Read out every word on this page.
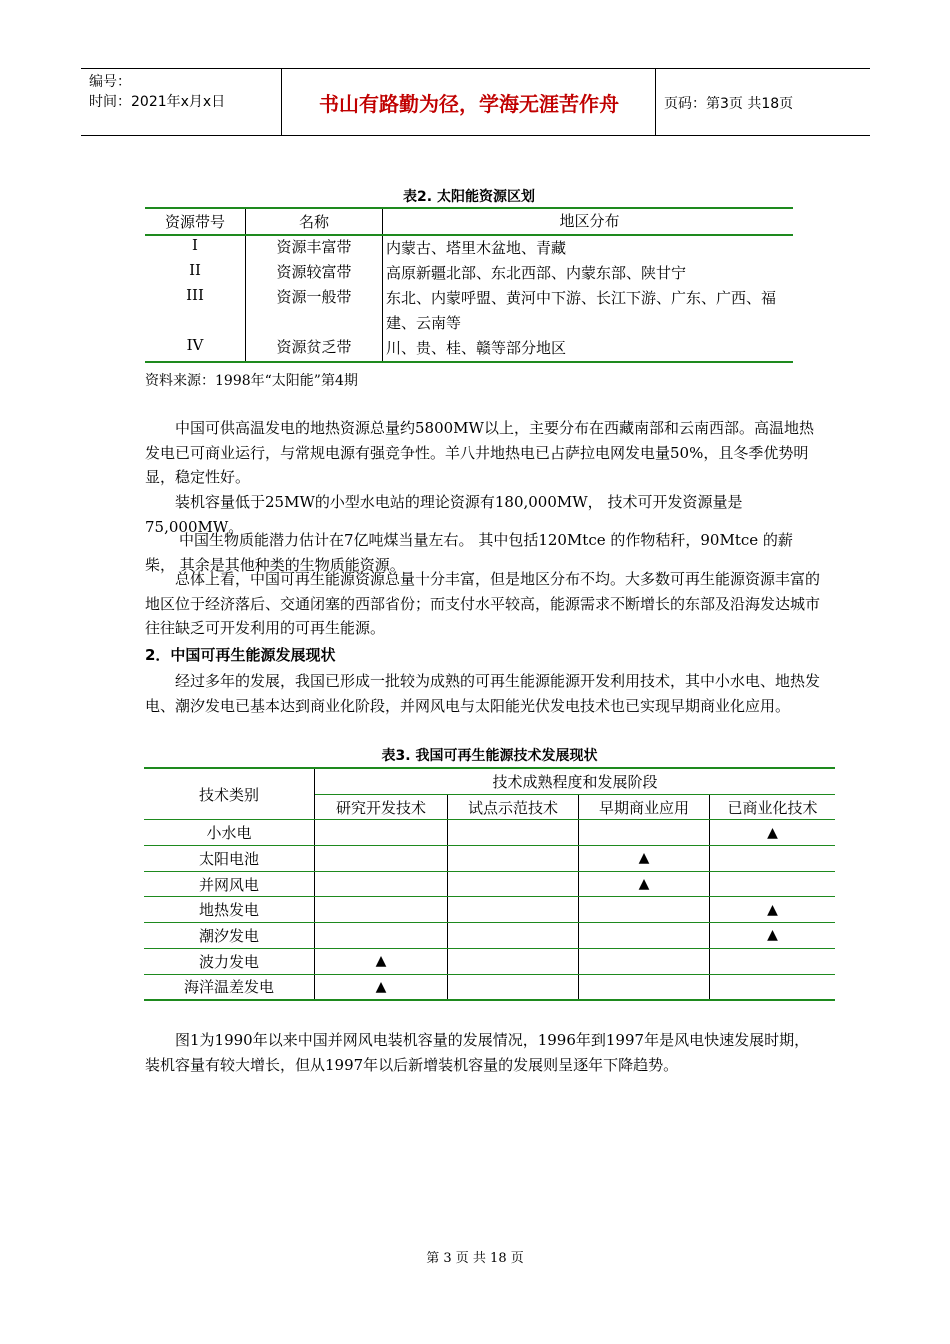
编号：
时间：2021年x月x日	书山有路勤为径，学海无涯苦作舟	页码：第3页 共18页
表2. 太阳能资源区划
资源带号	名称	地区分布
I	资源丰富带	内蒙古、塔里木盆地、青藏
II	资源较富带	高原新疆北部、东北西部、内蒙东部、陕甘宁
III	资源一般带	东北、内蒙呼盟、黄河中下游、长江下游、广东、广西、福建、云南等
IV	资源贫乏带	川、贵、桂、赣等部分地区
资料来源：1998年“太阳能”第4期

中国可供高温发电的地热资源总量约5800MW以上，主要分布在西藏南部和云南西部。高温地热发电已可商业运行，与常规电源有强竞争性。羊八井地热电已占萨拉电网发电量50%，且冬季优势明显，稳定性好。

装机容量低于25MW的小型水电站的理论资源有180,000MW， 技术可开发资源量是75,000MW。

中国生物质能潜力估计在7亿吨煤当量左右。 其中包括120Mtce 的作物秸秆，90Mtce 的薪柴， 其余是其他种类的生物质能资源。

总体上看，中国可再生能源资源总量十分丰富，但是地区分布不均。大多数可再生能源资源丰富的地区位于经济落后、交通闭塞的西部省份；而支付水平较高，能源需求不断增长的东部及沿海发达城市往往缺乏可开发利用的可再生能源。

2．中国可再生能源发展现状

经过多年的发展，我国已形成一批较为成熟的可再生能源能源开发利用技术，其中小水电、地热发电、潮汐发电已基本达到商业化阶段，并网风电与太阳能光伏发电技术也已实现早期商业化应用。

表3. 我国可再生能源技术发展现状
技术类别	技术成熟程度和发展阶段			
	研究开发技术	试点示范技术	早期商业应用	已商业化技术
小水电				▲
太阳电池			▲	
并网风电			▲	
地热发电				▲
潮汐发电				▲
波力发电	▲			
海洋温差发电	▲			

图1为1990年以来中国并网风电装机容量的发展情况，1996年到1997年是风电快速发展时期，装机容量有较大增长，但从1997年以后新增装机容量的发展则呈逐年下降趋势。

第 3 页 共 18 页
